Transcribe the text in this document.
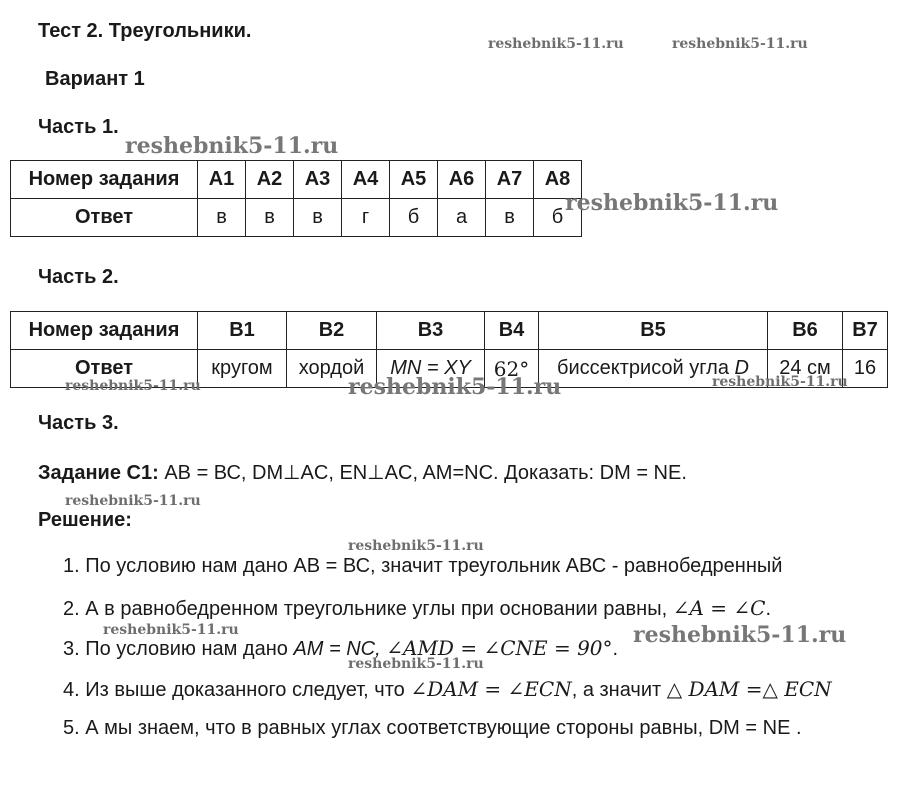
Тест 2. Треугольники.
Вариант 1
Часть 1.
Номер задания	А1	А2	А3	А4	А5	А6	А7	А8
Ответ	в	в	в	г	б	а	в	б
Часть 2.
Номер задания	В1	В2	В3	В4	В5	В6	В7
Ответ	кругом	хордой	MN = XY	62°	биссектрисой угла D	24 см	16
Часть 3.
Задание С1: АВ = ВС, DM⊥AC, EN⊥AC, AM=NC. Доказать: DM = NE.
Решение:
1. По условию нам дано АВ = ВС, значит треугольник АВС - равнобедренный
2. А в равнобедренном треугольнике углы при основании равны, ∠A = ∠C.
3. По условию нам дано AM = NC, ∠AMD = ∠CNE = 90°.
4. Из выше доказанного следует, что ∠DAM = ∠ECN, а значит △ DAM =△ ECN
5. А мы знаем, что в равных углах соответствующие стороны равны, DM = NE .
reshebnik5-11.ru	reshebnik5-11.ru
reshebnik5-11.ru
reshebnik5-11.ru
reshebnik5-11.ru	reshebnik5-11.ru	reshebnik5-11.ru
reshebnik5-11.ru
reshebnik5-11.ru
reshebnik5-11.ru	reshebnik5-11.ru
reshebnik5-11.ru
